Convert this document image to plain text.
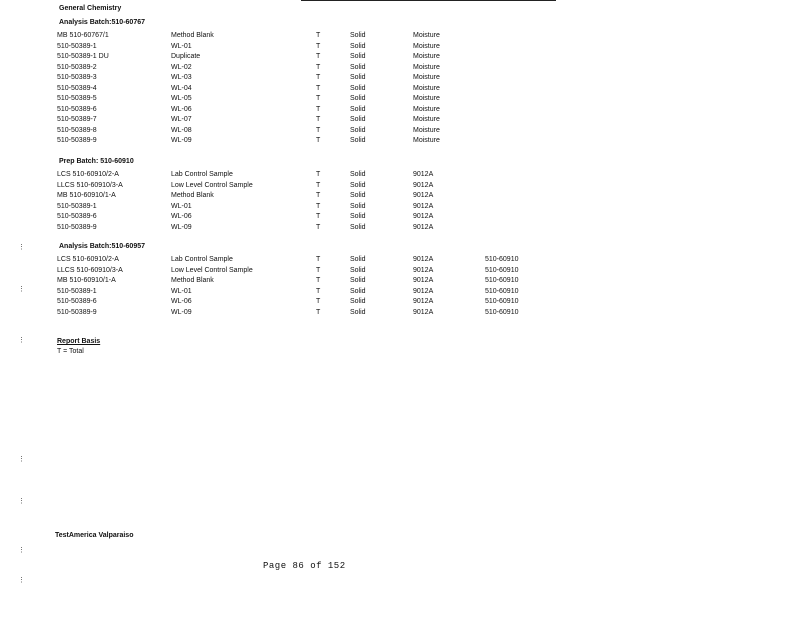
General Chemistry
Analysis Batch:510-60767
MB 510-60767/1	Method Blank	T	Solid	Moisture
510-50389-1	WL-01	T	Solid	Moisture
510-50389-1 DU	Duplicate	T	Solid	Moisture
510-50389-2	WL-02	T	Solid	Moisture
510-50389-3	WL-03	T	Solid	Moisture
510-50389-4	WL-04	T	Solid	Moisture
510-50389-5	WL-05	T	Solid	Moisture
510-50389-6	WL-06	T	Solid	Moisture
510-50389-7	WL-07	T	Solid	Moisture
510-50389-8	WL-08	T	Solid	Moisture
510-50389-9	WL-09	T	Solid	Moisture
Prep Batch: 510-60910
LCS 510-60910/2-A	Lab Control Sample	T	Solid	9012A
LLCS 510-60910/3-A	Low Level Control Sample	T	Solid	9012A
MB 510-60910/1-A	Method Blank	T	Solid	9012A
510-50389-1	WL-01	T	Solid	9012A
510-50389-6	WL-06	T	Solid	9012A
510-50389-9	WL-09	T	Solid	9012A
Analysis Batch:510-60957
LCS 510-60910/2-A	Lab Control Sample	T	Solid	9012A	510-60910
LLCS 510-60910/3-A	Low Level Control Sample	T	Solid	9012A	510-60910
MB 510-60910/1-A	Method Blank	T	Solid	9012A	510-60910
510-50389-1	WL-01	T	Solid	9012A	510-60910
510-50389-6	WL-06	T	Solid	9012A	510-60910
510-50389-9	WL-09	T	Solid	9012A	510-60910
Report Basis
T = Total
TestAmerica Valparaiso
Page 86 of 152
⋮
⋮
⋮
⋮
⋮
⋮
⋮
